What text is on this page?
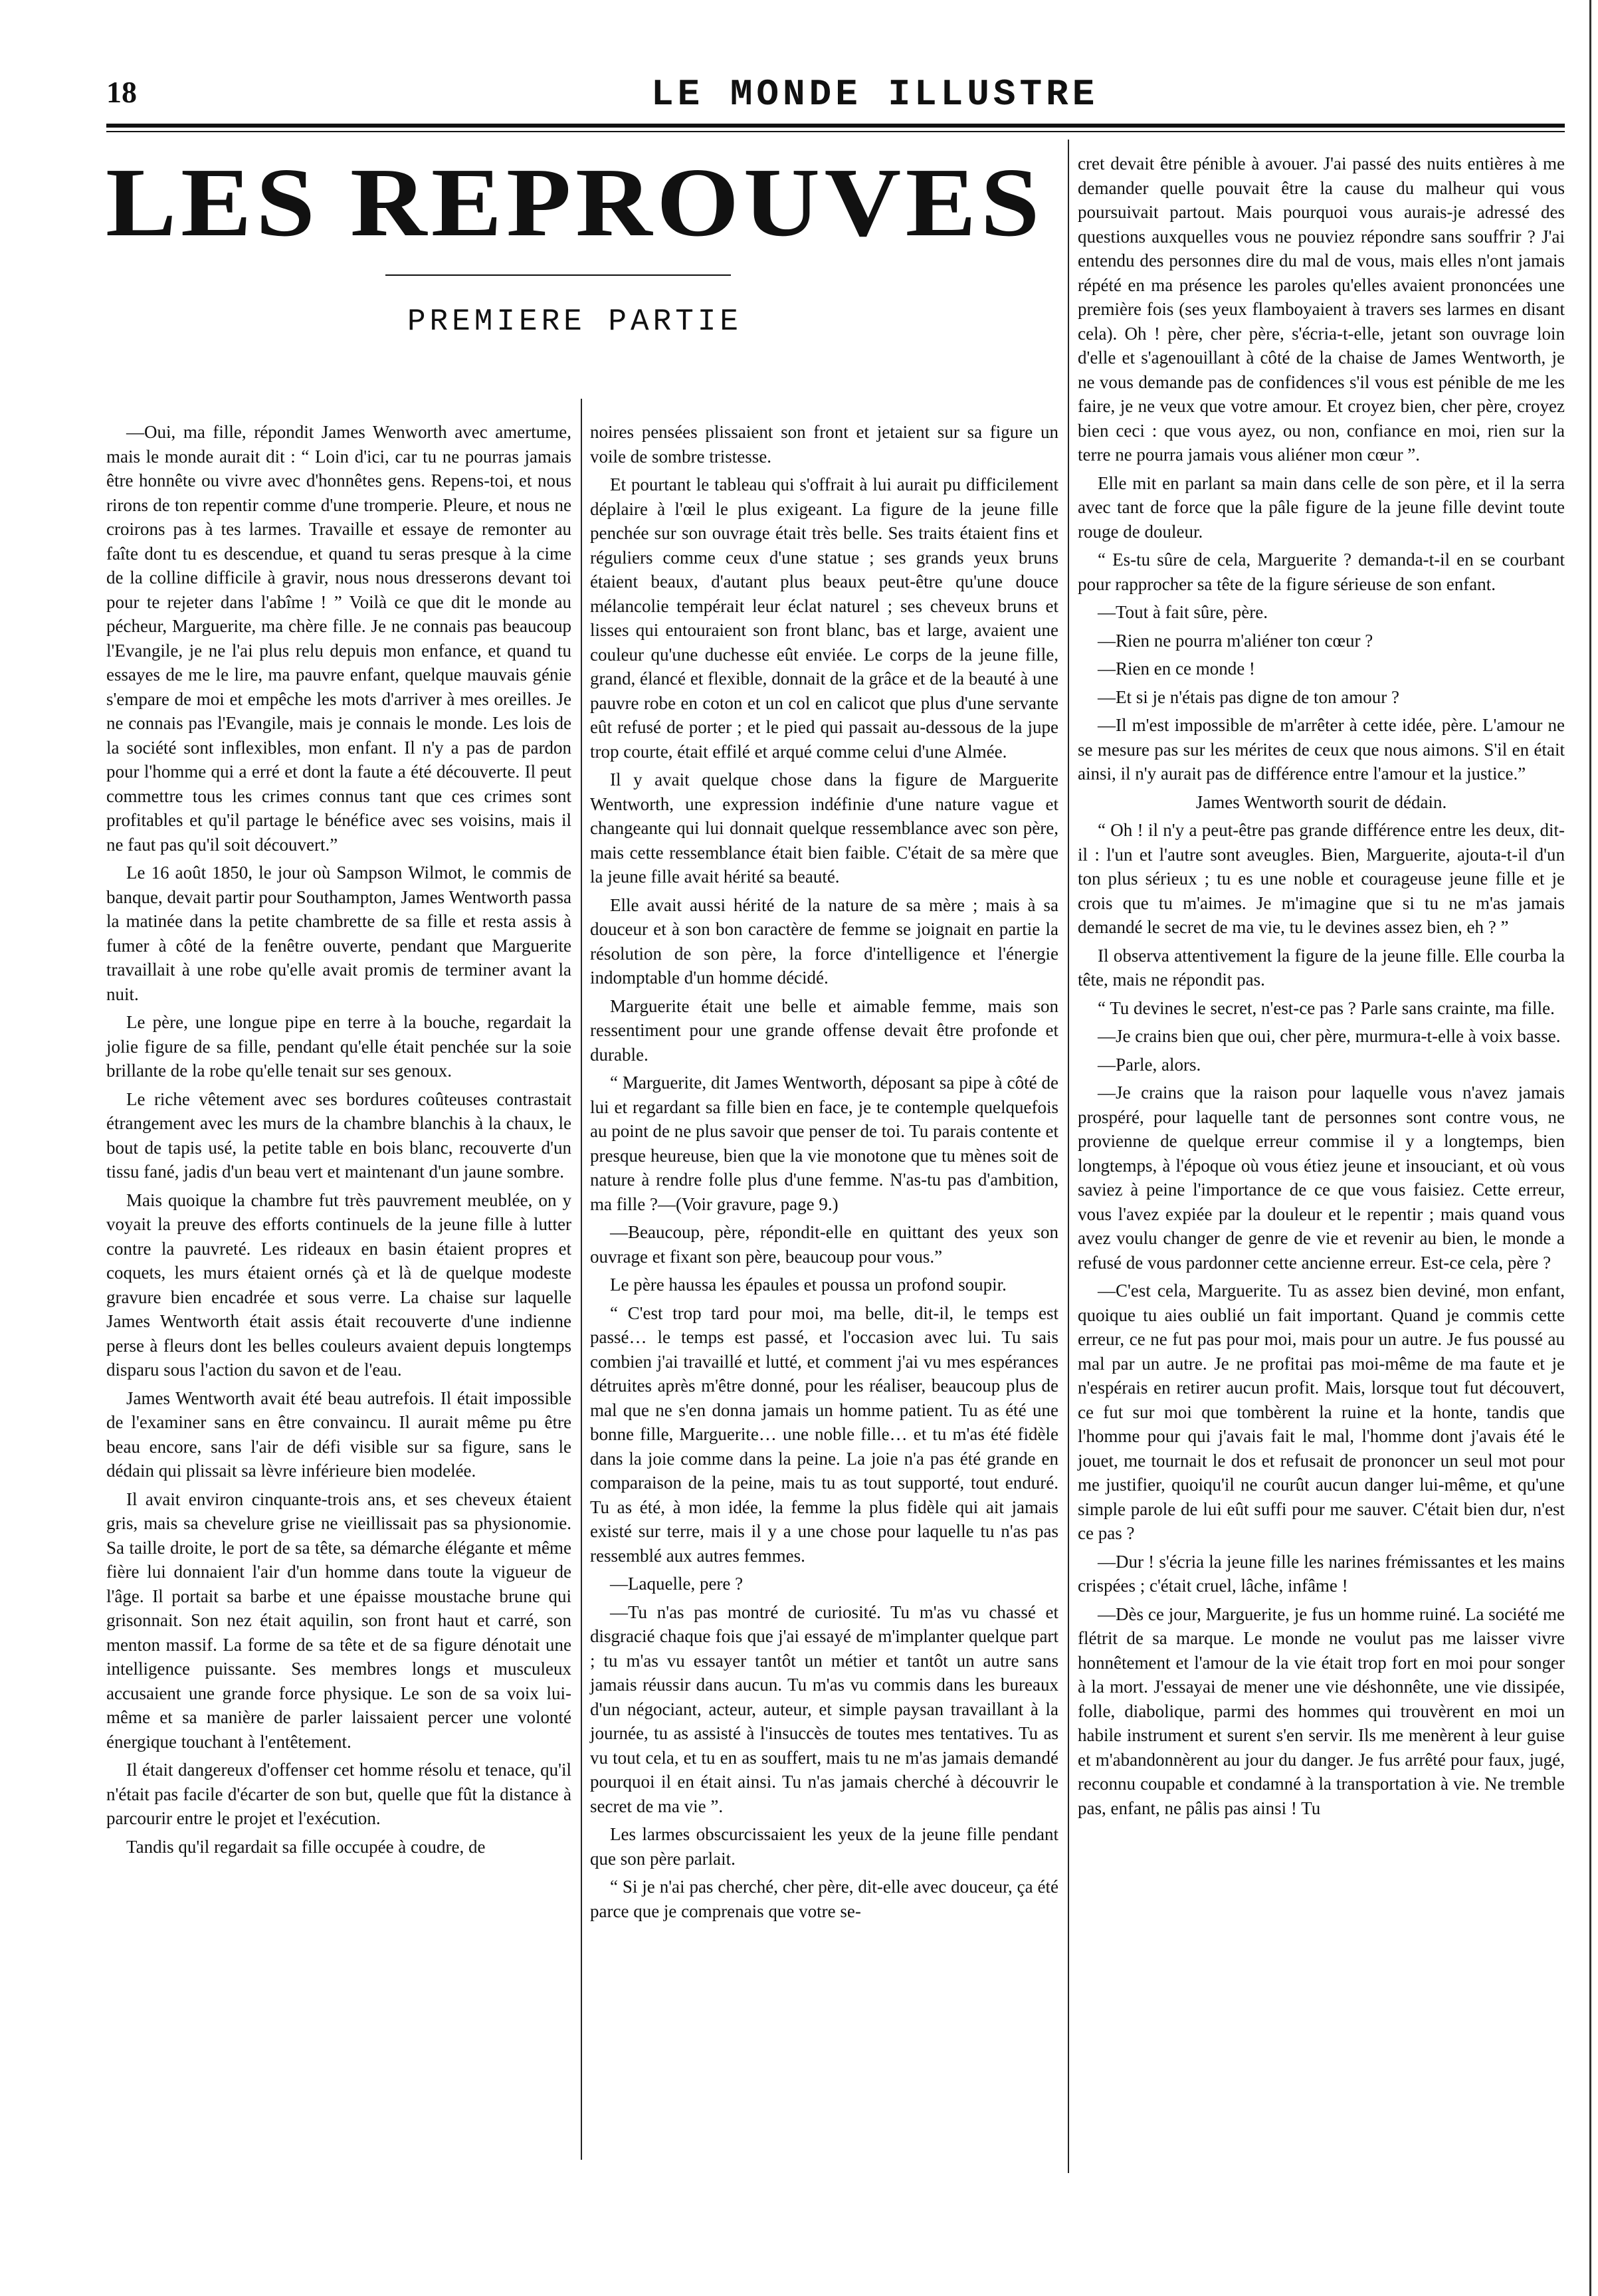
18	LE MONDE ILLUSTRE
LES REPROUVES
PREMIERE PARTIE

—Oui, ma fille, répondit James Wenworth avec amertume, mais le monde aurait dit : “ Loin d'ici, car tu ne pourras jamais être honnête ou vivre avec d'honnêtes gens. Repens-toi, et nous rirons de ton repentir comme d'une tromperie. Pleure, et nous ne croirons pas à tes larmes. Travaille et essaye de remonter au faîte dont tu es descendue, et quand tu seras presque à la cime de la colline difficile à gravir, nous nous dresserons devant toi pour te rejeter dans l'abîme ! ” Voilà ce que dit le monde au pécheur, Marguerite, ma chère fille. Je ne connais pas beaucoup l'Evangile, je ne l'ai plus relu depuis mon enfance, et quand tu essayes de me le lire, ma pauvre enfant, quelque mauvais génie s'empare de moi et empêche les mots d'arriver à mes oreilles. Je ne connais pas l'Evangile, mais je connais le monde. Les lois de la société sont inflexibles, mon enfant. Il n'y a pas de pardon pour l'homme qui a erré et dont la faute a été découverte. Il peut commettre tous les crimes connus tant que ces crimes sont profitables et qu'il partage le bénéfice avec ses voisins, mais il ne faut pas qu'il soit découvert.”

Le 16 août 1850, le jour où Sampson Wilmot, le commis de banque, devait partir pour Southampton, James Wentworth passa la matinée dans la petite chambrette de sa fille et resta assis à fumer à côté de la fenêtre ouverte, pendant que Marguerite travaillait à une robe qu'elle avait promis de terminer avant la nuit.

Le père, une longue pipe en terre à la bouche, regardait la jolie figure de sa fille, pendant qu'elle était penchée sur la soie brillante de la robe qu'elle tenait sur ses genoux.

Le riche vêtement avec ses bordures coûteuses contrastait étrangement avec les murs de la chambre blanchis à la chaux, le bout de tapis usé, la petite table en bois blanc, recouverte d'un tissu fané, jadis d'un beau vert et maintenant d'un jaune sombre.

Mais quoique la chambre fut très pauvrement meublée, on y voyait la preuve des efforts continuels de la jeune fille à lutter contre la pauvreté. Les rideaux en basin étaient propres et coquets, les murs étaient ornés çà et là de quelque modeste gravure bien encadrée et sous verre. La chaise sur laquelle James Wentworth était assis était recouverte d'une indienne perse à fleurs dont les belles couleurs avaient depuis longtemps disparu sous l'action du savon et de l'eau.

James Wentworth avait été beau autrefois. Il était impossible de l'examiner sans en être convaincu. Il aurait même pu être beau encore, sans l'air de défi visible sur sa figure, sans le dédain qui plissait sa lèvre inférieure bien modelée.

Il avait environ cinquante-trois ans, et ses cheveux étaient gris, mais sa chevelure grise ne vieillissait pas sa physionomie. Sa taille droite, le port de sa tête, sa démarche élégante et même fière lui donnaient l'air d'un homme dans toute la vigueur de l'âge. Il portait sa barbe et une épaisse moustache brune qui grisonnait. Son nez était aquilin, son front haut et carré, son menton massif. La forme de sa tête et de sa figure dénotait une intelligence puissante. Ses membres longs et musculeux accusaient une grande force physique. Le son de sa voix lui-même et sa manière de parler laissaient percer une volonté énergique touchant à l'entêtement.

Il était dangereux d'offenser cet homme résolu et tenace, qu'il n'était pas facile d'écarter de son but, quelle que fût la distance à parcourir entre le projet et l'exécution.

Tandis qu'il regardait sa fille occupée à coudre, de

noires pensées plissaient son front et jetaient sur sa figure un voile de sombre tristesse.

Et pourtant le tableau qui s'offrait à lui aurait pu difficilement déplaire à l'œil le plus exigeant. La figure de la jeune fille penchée sur son ouvrage était très belle. Ses traits étaient fins et réguliers comme ceux d'une statue ; ses grands yeux bruns étaient beaux, d'autant plus beaux peut-être qu'une douce mélancolie tempérait leur éclat naturel ; ses cheveux bruns et lisses qui entouraient son front blanc, bas et large, avaient une couleur qu'une duchesse eût enviée. Le corps de la jeune fille, grand, élancé et flexible, donnait de la grâce et de la beauté à une pauvre robe en coton et un col en calicot que plus d'une servante eût refusé de porter ; et le pied qui passait au-dessous de la jupe trop courte, était effilé et arqué comme celui d'une Almée.

Il y avait quelque chose dans la figure de Marguerite Wentworth, une expression indéfinie d'une nature vague et changeante qui lui donnait quelque ressemblance avec son père, mais cette ressemblance était bien faible. C'était de sa mère que la jeune fille avait hérité sa beauté.

Elle avait aussi hérité de la nature de sa mère ; mais à sa douceur et à son bon caractère de femme se joignait en partie la résolution de son père, la force d'intelligence et l'énergie indomptable d'un homme décidé.

Marguerite était une belle et aimable femme, mais son ressentiment pour une grande offense devait être profonde et durable.

“ Marguerite, dit James Wentworth, déposant sa pipe à côté de lui et regardant sa fille bien en face, je te contemple quelquefois au point de ne plus savoir que penser de toi. Tu parais contente et presque heureuse, bien que la vie monotone que tu mènes soit de nature à rendre folle plus d'une femme. N'as-tu pas d'ambition, ma fille ?—(Voir gravure, page 9.)

—Beaucoup, père, répondit-elle en quittant des yeux son ouvrage et fixant son père, beaucoup pour vous.”

Le père haussa les épaules et poussa un profond soupir.

“ C'est trop tard pour moi, ma belle, dit-il, le temps est passé… le temps est passé, et l'occasion avec lui. Tu sais combien j'ai travaillé et lutté, et comment j'ai vu mes espérances détruites après m'être donné, pour les réaliser, beaucoup plus de mal que ne s'en donna jamais un homme patient. Tu as été une bonne fille, Marguerite… une noble fille… et tu m'as été fidèle dans la joie comme dans la peine. La joie n'a pas été grande en comparaison de la peine, mais tu as tout supporté, tout enduré. Tu as été, à mon idée, la femme la plus fidèle qui ait jamais existé sur terre, mais il y a une chose pour laquelle tu n'as pas ressemblé aux autres femmes.

—Laquelle, pere ?

—Tu n'as pas montré de curiosité. Tu m'as vu chassé et disgracié chaque fois que j'ai essayé de m'implanter quelque part ; tu m'as vu essayer tantôt un métier et tantôt un autre sans jamais réussir dans aucun. Tu m'as vu commis dans les bureaux d'un négociant, acteur, auteur, et simple paysan travaillant à la journée, tu as assisté à l'insuccès de toutes mes tentatives. Tu as vu tout cela, et tu en as souffert, mais tu ne m'as jamais demandé pourquoi il en était ainsi. Tu n'as jamais cherché à découvrir le secret de ma vie ”.

Les larmes obscurcissaient les yeux de la jeune fille pendant que son père parlait.

“ Si je n'ai pas cherché, cher père, dit-elle avec douceur, ça été parce que je comprenais que votre se-

cret devait être pénible à avouer. J'ai passé des nuits entières à me demander quelle pouvait être la cause du malheur qui vous poursuivait partout. Mais pourquoi vous aurais-je adressé des questions auxquelles vous ne pouviez répondre sans souffrir ? J'ai entendu des personnes dire du mal de vous, mais elles n'ont jamais répété en ma présence les paroles qu'elles avaient prononcées une première fois (ses yeux flamboyaient à travers ses larmes en disant cela). Oh ! père, cher père, s'écria-t-elle, jetant son ouvrage loin d'elle et s'agenouillant à côté de la chaise de James Wentworth, je ne vous demande pas de confidences s'il vous est pénible de me les faire, je ne veux que votre amour. Et croyez bien, cher père, croyez bien ceci : que vous ayez, ou non, confiance en moi, rien sur la terre ne pourra jamais vous aliéner mon cœur ”.

Elle mit en parlant sa main dans celle de son père, et il la serra avec tant de force que la pâle figure de la jeune fille devint toute rouge de douleur.

“ Es-tu sûre de cela, Marguerite ? demanda-t-il en se courbant pour rapprocher sa tête de la figure sérieuse de son enfant.

—Tout à fait sûre, père.

—Rien ne pourra m'aliéner ton cœur ?

—Rien en ce monde !

—Et si je n'étais pas digne de ton amour ?

—Il m'est impossible de m'arrêter à cette idée, père. L'amour ne se mesure pas sur les mérites de ceux que nous aimons. S'il en était ainsi, il n'y aurait pas de différence entre l'amour et la justice.”

James Wentworth sourit de dédain.

“ Oh ! il n'y a peut-être pas grande différence entre les deux, dit-il : l'un et l'autre sont aveugles. Bien, Marguerite, ajouta-t-il d'un ton plus sérieux ; tu es une noble et courageuse jeune fille et je crois que tu m'aimes. Je m'imagine que si tu ne m'as jamais demandé le secret de ma vie, tu le devines assez bien, eh ? ”

Il observa attentivement la figure de la jeune fille. Elle courba la tête, mais ne répondit pas.

“ Tu devines le secret, n'est-ce pas ? Parle sans crainte, ma fille.

—Je crains bien que oui, cher père, murmura-t-elle à voix basse.

—Parle, alors.

—Je crains que la raison pour laquelle vous n'avez jamais prospéré, pour laquelle tant de personnes sont contre vous, ne provienne de quelque erreur commise il y a longtemps, bien longtemps, à l'époque où vous étiez jeune et insouciant, et où vous saviez à peine l'importance de ce que vous faisiez. Cette erreur, vous l'avez expiée par la douleur et le repentir ; mais quand vous avez voulu changer de genre de vie et revenir au bien, le monde a refusé de vous pardonner cette ancienne erreur. Est-ce cela, père ?

—C'est cela, Marguerite. Tu as assez bien deviné, mon enfant, quoique tu aies oublié un fait important. Quand je commis cette erreur, ce ne fut pas pour moi, mais pour un autre. Je fus poussé au mal par un autre. Je ne profitai pas moi-même de ma faute et je n'espérais en retirer aucun profit. Mais, lorsque tout fut découvert, ce fut sur moi que tombèrent la ruine et la honte, tandis que l'homme pour qui j'avais fait le mal, l'homme dont j'avais été le jouet, me tournait le dos et refusait de prononcer un seul mot pour me justifier, quoiqu'il ne courût aucun danger lui-même, et qu'une simple parole de lui eût suffi pour me sauver. C'était bien dur, n'est ce pas ?

—Dur ! s'écria la jeune fille les narines frémissantes et les mains crispées ; c'était cruel, lâche, infâme !

—Dès ce jour, Marguerite, je fus un homme ruiné. La société me flétrit de sa marque. Le monde ne voulut pas me laisser vivre honnêtement et l'amour de la vie était trop fort en moi pour songer à la mort. J'essayai de mener une vie déshonnête, une vie dissipée, folle, diabolique, parmi des hommes qui trouvèrent en moi un habile instrument et surent s'en servir. Ils me menèrent à leur guise et m'abandonnèrent au jour du danger. Je fus arrêté pour faux, jugé, reconnu coupable et condamné à la transportation à vie. Ne tremble pas, enfant, ne pâlis pas ainsi ! Tu
